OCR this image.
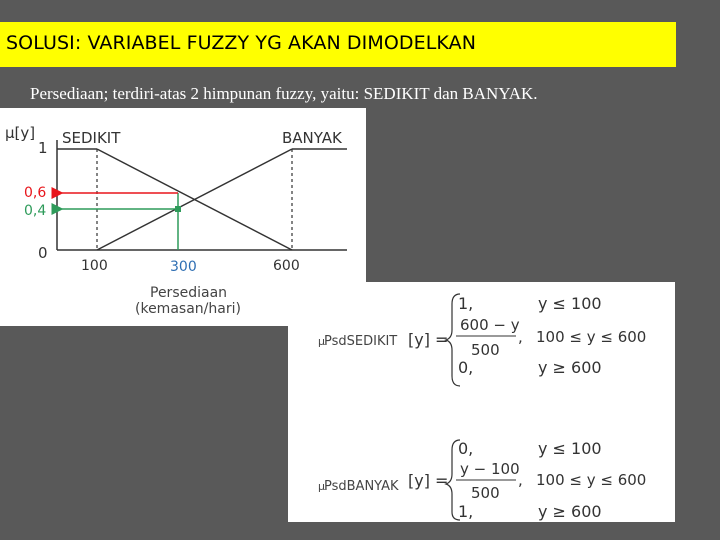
SOLUSI: VARIABEL FUZZY YG AKAN DIMODELKAN
Persediaan; terdiri-atas 2 himpunan fuzzy, yaitu: SEDIKIT dan BANYAK.
μ[y] SEDIKIT	BANYAK
1
0,6
0,4
0
100	300	600
Persediaan
(kemasan/hari)
μ PsdSEDIKIT [y] =
1,	y ≤ 100
600 − y
500
, 100 ≤ y ≤ 600
0,	y ≥ 600
μ PsdBANYAK [y] =
0,	y ≤ 100
y − 100
500
, 100 ≤ y ≤ 600
1,	y ≥ 600
